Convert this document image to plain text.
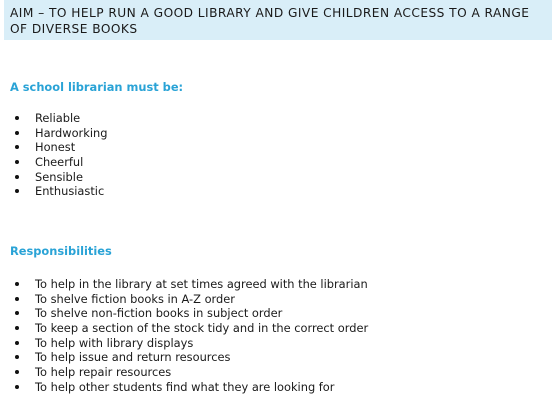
AIM – TO HELP RUN A GOOD LIBRARY AND GIVE CHILDREN ACCESS TO A RANGE
OF DIVERSE BOOKS
A school librarian must be:
Reliable
Hardworking
Honest
Cheerful
Sensible
Enthusiastic
Responsibilities
To help in the library at set times agreed with the librarian
To shelve fiction books in A-Z order
To shelve non-fiction books in subject order
To keep a section of the stock tidy and in the correct order
To help with library displays
To help issue and return resources
To help repair resources
To help other students find what they are looking for
